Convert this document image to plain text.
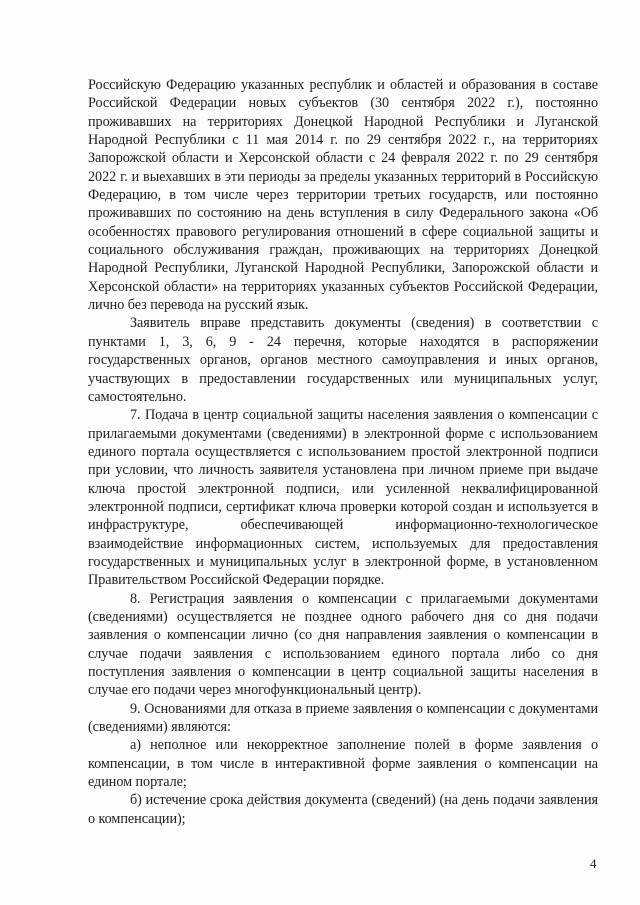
Российскую Федерацию указанных республик и областей и образования в составе Российской Федерации новых субъектов (30 сентября 2022 г.), постоянно проживавших на территориях Донецкой Народной Республики и Луганской Народной Республики с 11 мая 2014 г. по 29 сентября 2022 г., на территориях Запорожской области и Херсонской области с 24 февраля 2022 г. по 29 сентября 2022 г. и выехавших в эти периоды за пределы указанных территорий в Российскую Федерацию, в том числе через территории третьих государств, или постоянно проживавших по состоянию на день вступления в силу Федерального закона «Об особенностях правового регулирования отношений в сфере социальной защиты и социального обслуживания граждан, проживающих на территориях Донецкой Народной Республики, Луганской Народной Республики, Запорожской области и Херсонской области» на территориях указанных субъектов Российской Федерации, лично без перевода на русский язык.

Заявитель вправе представить документы (сведения) в соответствии с пунктами 1, 3, 6, 9 - 24 перечня, которые находятся в распоряжении государственных органов, органов местного самоуправления и иных органов, участвующих в предоставлении государственных или муниципальных услуг, самостоятельно.

7. Подача в центр социальной защиты населения заявления о компенсации с прилагаемыми документами (сведениями) в электронной форме с использованием единого портала осуществляется с использованием простой электронной подписи при условии, что личность заявителя установлена при личном приеме при выдаче ключа простой электронной подписи, или усиленной неквалифицированной электронной подписи, сертификат ключа проверки которой создан и используется в инфраструктуре, обеспечивающей информационно-технологическое взаимодействие информационных систем, используемых для предоставления государственных и муниципальных услуг в электронной форме, в установленном Правительством Российской Федерации порядке.

8. Регистрация заявления о компенсации с прилагаемыми документами (сведениями) осуществляется не позднее одного рабочего дня со дня подачи заявления о компенсации лично (со дня направления заявления о компенсации в случае подачи заявления с использованием единого портала либо со дня поступления заявления о компенсации в центр социальной защиты населения в случае его подачи через многофункциональный центр).

9. Основаниями для отказа в приеме заявления о компенсации с документами (сведениями) являются:

а) неполное или некорректное заполнение полей в форме заявления о компенсации, в том числе в интерактивной форме заявления о компенсации на едином портале;

б) истечение срока действия документа (сведений) (на день подачи заявления о компенсации);

4
